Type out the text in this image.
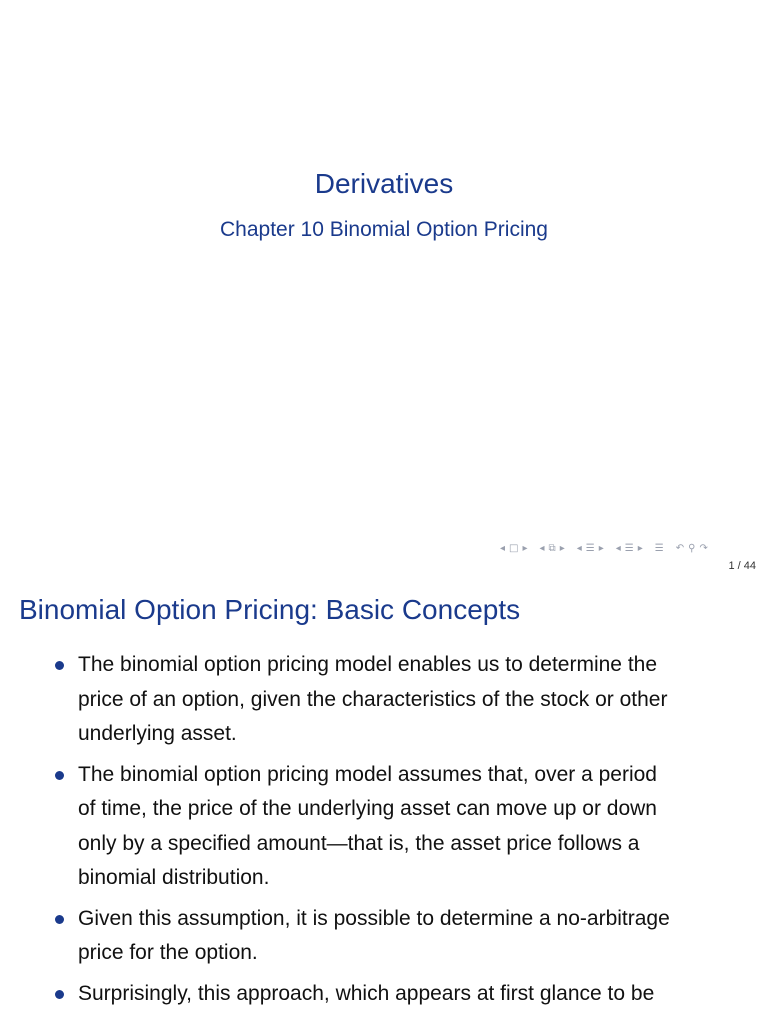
Derivatives
Chapter 10 Binomial Option Pricing
◂ □ ▸ ◂ ⧉ ▸ ◂ ☰ ▸ ◂ ☰ ▸ ☰ ↶ ⚲ ↷
1 / 44
Binomial Option Pricing: Basic Concepts
The binomial option pricing model enables us to determine the
price of an option, given the characteristics of the stock or other
underlying asset.
The binomial option pricing model assumes that, over a period
of time, the price of the underlying asset can move up or down
only by a specified amount—that is, the asset price follows a
binomial distribution.
Given this assumption, it is possible to determine a no-arbitrage
price for the option.
Surprisingly, this approach, which appears at first glance to be
